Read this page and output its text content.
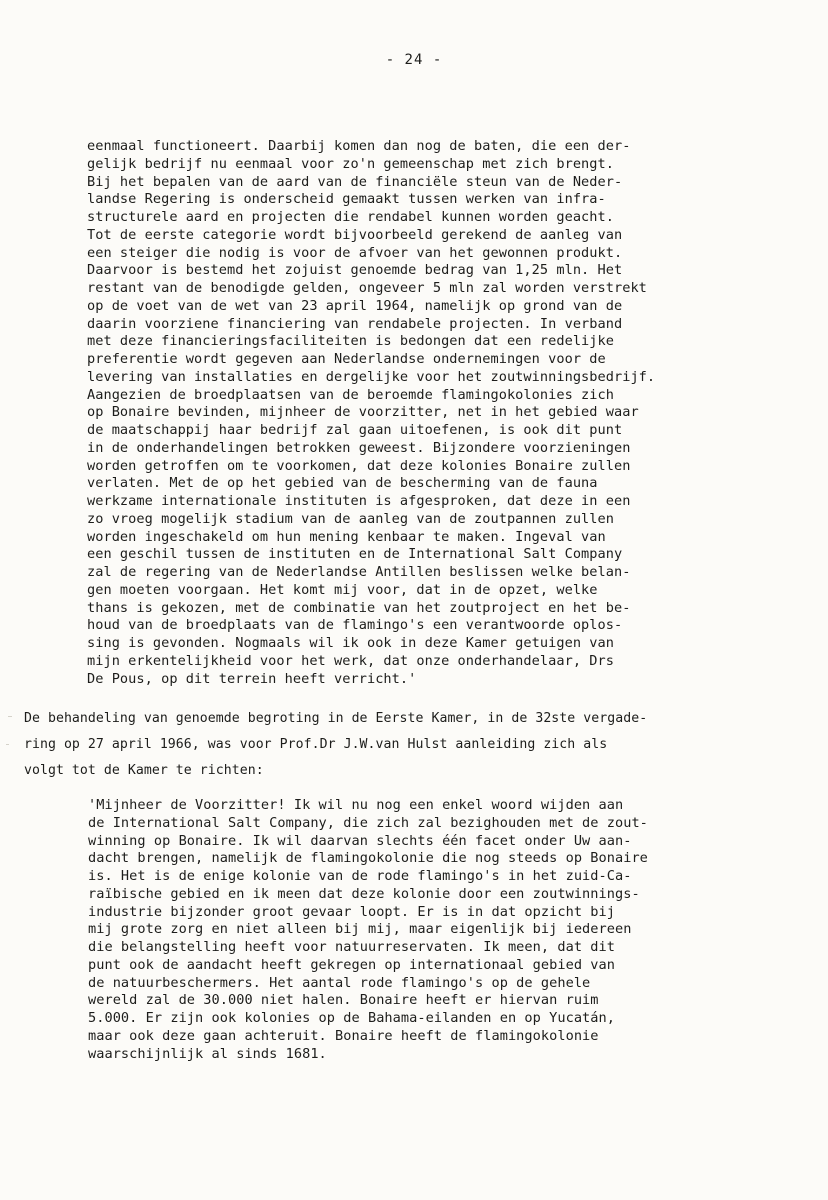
- 24 -
eenmaal functioneert. Daarbij komen dan nog de baten, die een der-
gelijk bedrijf nu eenmaal voor zo'n gemeenschap met zich brengt.
Bij het bepalen van de aard van de financiële steun van de Neder-
landse Regering is onderscheid gemaakt tussen werken van infra-
structurele aard en projecten die rendabel kunnen worden geacht.
Tot de eerste categorie wordt bijvoorbeeld gerekend de aanleg van
een steiger die nodig is voor de afvoer van het gewonnen produkt.
Daarvoor is bestemd het zojuist genoemde bedrag van 1,25 mln. Het
restant van de benodigde gelden, ongeveer 5 mln zal worden verstrekt
op de voet van de wet van 23 april 1964, namelijk op grond van de
daarin voorziene financiering van rendabele projecten. In verband
met deze financieringsfaciliteiten is bedongen dat een redelijke
preferentie wordt gegeven aan Nederlandse ondernemingen voor de
levering van installaties en dergelijke voor het zoutwinningsbedrijf.
Aangezien de broedplaatsen van de beroemde flamingokolonies zich
op Bonaire bevinden, mijnheer de voorzitter, net in het gebied waar
de maatschappij haar bedrijf zal gaan uitoefenen, is ook dit punt
in de onderhandelingen betrokken geweest. Bijzondere voorzieningen
worden getroffen om te voorkomen, dat deze kolonies Bonaire zullen
verlaten. Met de op het gebied van de bescherming van de fauna
werkzame internationale instituten is afgesproken, dat deze in een
zo vroeg mogelijk stadium van de aanleg van de zoutpannen zullen
worden ingeschakeld om hun mening kenbaar te maken. Ingeval van
een geschil tussen de instituten en de International Salt Company
zal de regering van de Nederlandse Antillen beslissen welke belan-
gen moeten voorgaan. Het komt mij voor, dat in de opzet, welke
thans is gekozen, met de combinatie van het zoutproject en het be-
houd van de broedplaats van de flamingo's een verantwoorde oplos-
sing is gevonden. Nogmaals wil ik ook in deze Kamer getuigen van
mijn erkentelijkheid voor het werk, dat onze onderhandelaar, Drs
De Pous, op dit terrein heeft verricht.'
De behandeling van genoemde begroting in de Eerste Kamer, in de 32ste vergade-
ring op 27 april 1966, was voor Prof.Dr J.W.van Hulst aanleiding zich als
volgt tot de Kamer te richten:
'Mijnheer de Voorzitter! Ik wil nu nog een enkel woord wijden aan
de International Salt Company, die zich zal bezighouden met de zout-
winning op Bonaire. Ik wil daarvan slechts één facet onder Uw aan-
dacht brengen, namelijk de flamingokolonie die nog steeds op Bonaire
is. Het is de enige kolonie van de rode flamingo's in het zuid-Ca-
raïbische gebied en ik meen dat deze kolonie door een zoutwinnings-
industrie bijzonder groot gevaar loopt. Er is in dat opzicht bij
mij grote zorg en niet alleen bij mij, maar eigenlijk bij iedereen
die belangstelling heeft voor natuurreservaten. Ik meen, dat dit
punt ook de aandacht heeft gekregen op internationaal gebied van
de natuurbeschermers. Het aantal rode flamingo's op de gehele
wereld zal de 30.000 niet halen. Bonaire heeft er hiervan ruim
5.000. Er zijn ook kolonies op de Bahama-eilanden en op Yucatán,
maar ook deze gaan achteruit. Bonaire heeft de flamingokolonie
waarschijnlijk al sinds 1681.
